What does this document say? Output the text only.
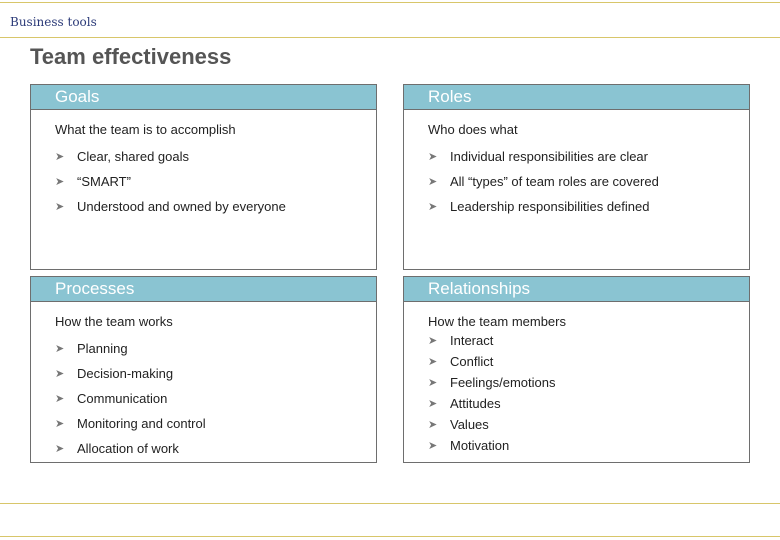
Business tools
Team effectiveness
Goals
What the team is to accomplish
➤ Clear, shared goals
➤ “SMART”
➤ Understood and owned by everyone
Roles
Who does what
➤ Individual responsibilities are clear
➤ All “types” of team roles are covered
➤ Leadership responsibilities defined
Processes
How the team works
➤ Planning
➤ Decision-making
➤ Communication
➤ Monitoring and control
➤ Allocation of work
Relationships
How the team members
➤ Interact
➤ Conflict
➤ Feelings/emotions
➤ Attitudes
➤ Values
➤ Motivation
